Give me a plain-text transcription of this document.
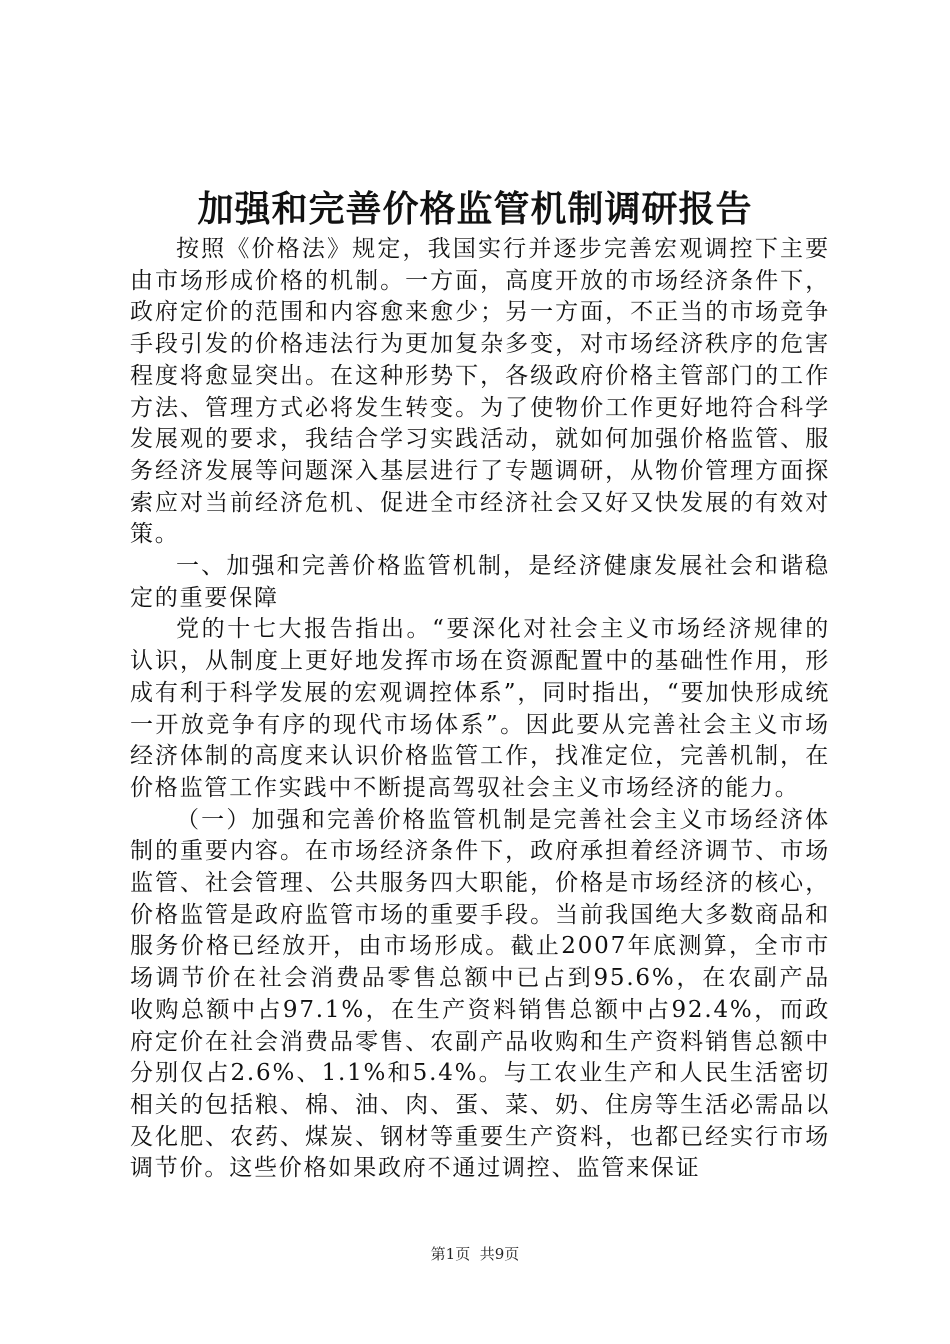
加强和完善价格监管机制调研报告

按照《价格法》规定，我国实行并逐步完善宏观调控下主要由市场形成价格的机制。一方面，高度开放的市场经济条件下，政府定价的范围和内容愈来愈少；另一方面，不正当的市场竞争手段引发的价格违法行为更加复杂多变，对市场经济秩序的危害程度将愈显突出。在这种形势下，各级政府价格主管部门的工作方法、管理方式必将发生转变。为了使物价工作更好地符合科学发展观的要求，我结合学习实践活动，就如何加强价格监管、服务经济发展等问题深入基层进行了专题调研，从物价管理方面探索应对当前经济危机、促进全市经济社会又好又快发展的有效对策。

一、加强和完善价格监管机制，是经济健康发展社会和谐稳定的重要保障

党的十七大报告指出。“要深化对社会主义市场经济规律的认识，从制度上更好地发挥市场在资源配置中的基础性作用，形成有利于科学发展的宏观调控体系”，同时指出，“要加快形成统一开放竞争有序的现代市场体系”。因此要从完善社会主义市场经济体制的高度来认识价格监管工作，找准定位，完善机制，在价格监管工作实践中不断提高驾驭社会主义市场经济的能力。

（一）加强和完善价格监管机制是完善社会主义市场经济体制的重要内容。在市场经济条件下，政府承担着经济调节、市场监管、社会管理、公共服务四大职能，价格是市场经济的核心，价格监管是政府监管市场的重要手段。当前我国绝大多数商品和服务价格已经放开，由市场形成。截止2007年底测算，全市市场调节价在社会消费品零售总额中已占到95.6%，在农副产品收购总额中占97.1%，在生产资料销售总额中占92.4%，而政府定价在社会消费品零售、农副产品收购和生产资料销售总额中分别仅占2.6%、1.1%和5.4%。与工农业生产和人民生活密切相关的包括粮、棉、油、肉、蛋、菜、奶、住房等生活必需品以及化肥、农药、煤炭、钢材等重要生产资料，也都已经实行市场调节价。这些价格如果政府不通过调控、监管来保证

第1页 共9页
